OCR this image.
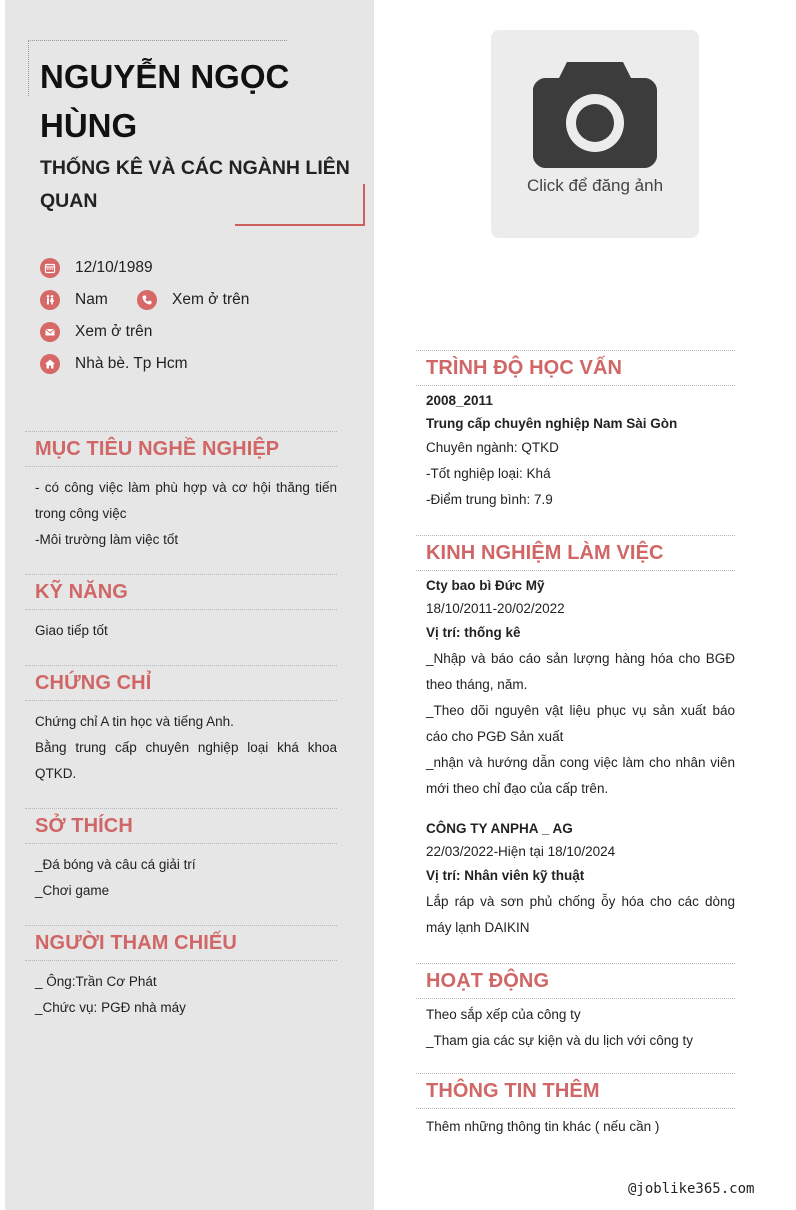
NGUYỄN NGỌC HÙNG
THỐNG KÊ VÀ CÁC NGÀNH LIÊN QUAN
12/10/1989
Nam	Xem ở trên
Xem ở trên
Nhà bè. Tp Hcm
MỤC TIÊU NGHỀ NGHIỆP

- có công việc làm phù hợp và cơ hội thăng tiến trong công việc

-Môi trường làm việc tốt

KỸ NĂNG

Giao tiếp tốt

CHỨNG CHỈ

Chứng chỉ A tin học và tiếng Anh.

Bằng trung cấp chuyên nghiệp loại khá khoa QTKD.

SỞ THÍCH

_Đá bóng và câu cá giải trí

_Chơi game

NGƯỜI THAM CHIẾU

_ Ông:Trần Cơ Phát

_Chức vụ: PGĐ nhà máy

Click để đăng ảnh
TRÌNH ĐỘ HỌC VẤN

2008_2011

Trung cấp chuyên nghiệp Nam Sài Gòn

Chuyên ngành: QTKD

-Tốt nghiệp loại: Khá

-Điểm trung bình: 7.9

KINH NGHIỆM LÀM VIỆC

Cty bao bì Đức Mỹ

18/10/2011-20/02/2022

Vị trí: thống kê

_Nhập và báo cáo sản lượng hàng hóa cho BGĐ theo tháng, năm.

_Theo dõi nguyên vật liệu phục vụ sản xuất báo cáo cho PGĐ Sản xuất

_nhận và hướng dẫn cong việc làm cho nhân viên mới theo chỉ đạo của cấp trên.

CÔNG TY ANPHA _ AG

22/03/2022-Hiện tại 18/10/2024

Vị trí: Nhân viên kỹ thuật

Lắp ráp và sơn phủ chống ỗy hóa cho các dòng máy lạnh DAIKIN

HOẠT ĐỘNG

Theo sắp xếp của công ty

_Tham gia các sự kiện và du lịch với công ty

THÔNG TIN THÊM

Thêm những thông tin khác ( nếu cần )

@joblike365.com
